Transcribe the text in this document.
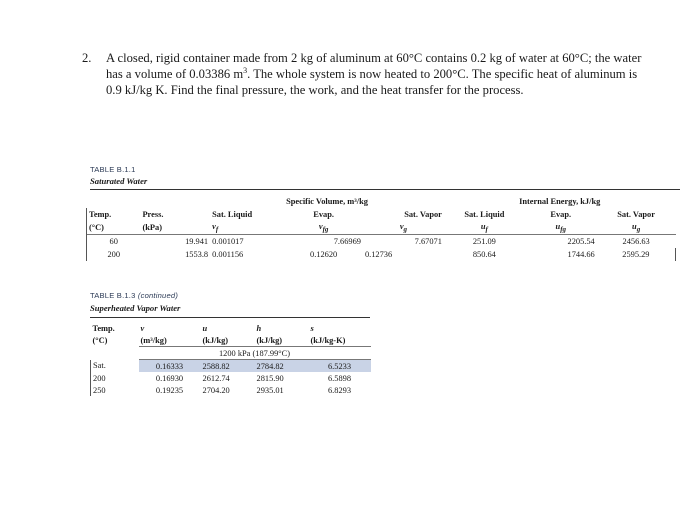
2. A closed, rigid container made from 2 kg of aluminum at 60°C contains 0.2 kg of water at 60°C; the water has a volume of 0.03386 $m^3$. The whole system is now heated to 200°C. The specific heat of aluminum is 0.9 kJ/kg K. Find the final pressure, the work, and the heat transfer for the process.

TABLE B.1.1
Saturated Water
		Specific Volume, m³/kg			Internal Energy, kJ/kg		
Temp.	Press.	Sat. Liquid	Evap.	Sat. Vapor	Sat. Liquid	Evap.	Sat. Vapor
(°C)	(kPa)	$v_f$	$v_{fg}$	$v_g$	$u_f$	$u_{fg}$	$u_g$
60	19.941	0.001017	7.66969	7.67071	251.09	2205.54	2456.63
200	1553.8	0.001156	0.12620	0.12736	850.64	1744.66	2595.29
TABLE B.1.3 (continued)
Superheated Vapor Water
Temp.	v	u	h	s
(°C)	(m³/kg)	(kJ/kg)	(kJ/kg)	(kJ/kg-K)
	1200 kPa (187.99°C)			
Sat.	0.16333	2588.82	2784.82	6.5233
200	0.16930	2612.74	2815.90	6.5898
250	0.19235	2704.20	2935.01	6.8293
